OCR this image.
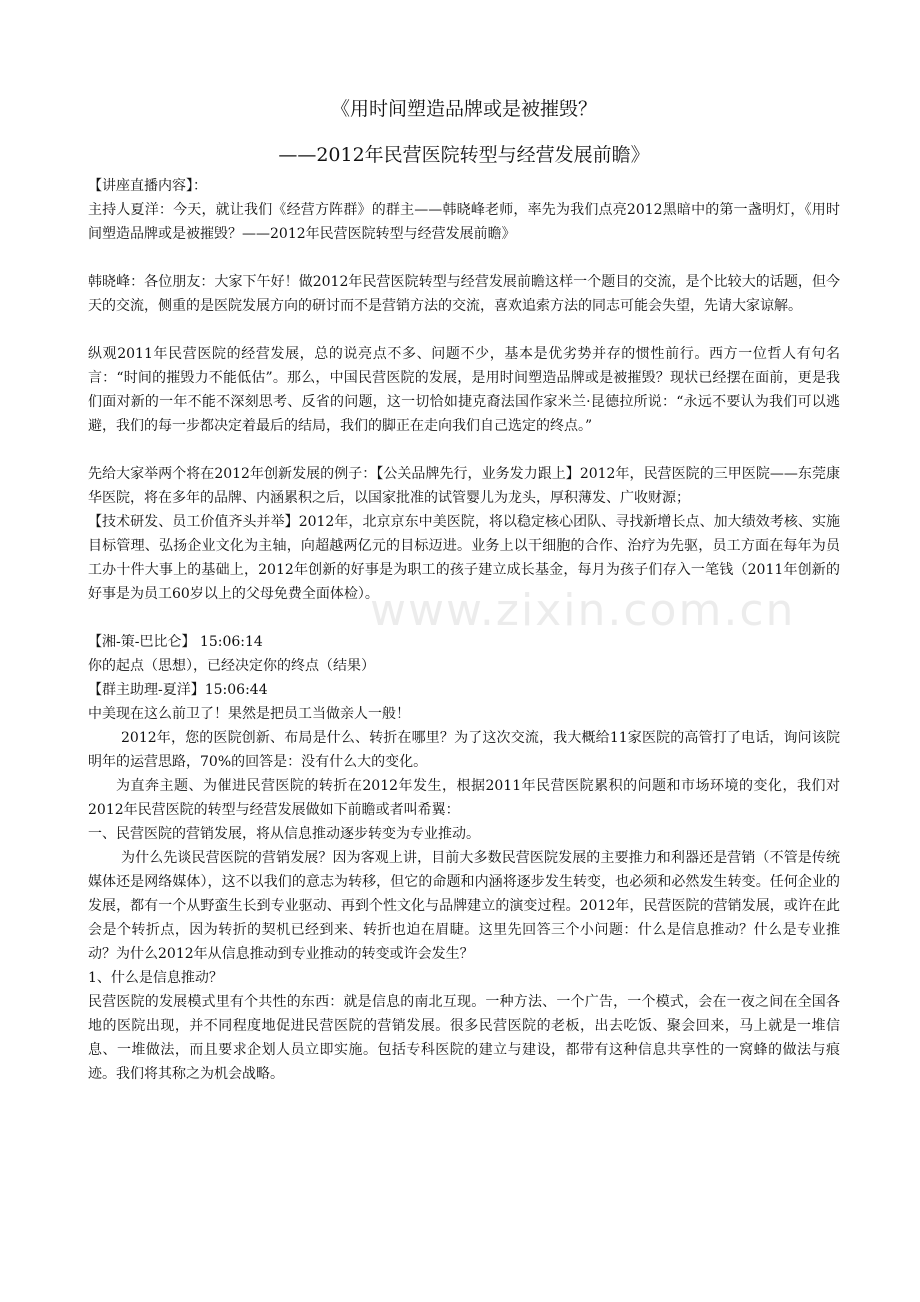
www.zixin.com.cn

《用时间塑造品牌或是被摧毁？

——2012年民营医院转型与经营发展前瞻》

【讲座直播内容】：

主持人夏洋：今天，就让我们《经营方阵群》的群主——韩晓峰老师，率先为我们点亮2012黑暗中的第一盏明灯，《用时间塑造品牌或是被摧毁？——2012年民营医院转型与经营发展前瞻》

韩晓峰：各位朋友：大家下午好！做2012年民营医院转型与经营发展前瞻这样一个题目的交流，是个比较大的话题，但今天的交流，侧重的是医院发展方向的研讨而不是营销方法的交流，喜欢追索方法的同志可能会失望，先请大家谅解。

纵观2011年民营医院的经营发展，总的说亮点不多、问题不少，基本是优劣势并存的惯性前行。西方一位哲人有句名言：“时间的摧毁力不能低估”。那么，中国民营医院的发展，是用时间塑造品牌或是被摧毁？现状已经摆在面前，更是我们面对新的一年不能不深刻思考、反省的问题，这一切恰如捷克裔法国作家米兰·昆德拉所说：“永远不要认为我们可以逃避，我们的每一步都决定着最后的结局，我们的脚正在走向我们自己选定的终点。”

先给大家举两个将在2012年创新发展的例子：【公关品牌先行，业务发力跟上】2012年，民营医院的三甲医院——东莞康华医院，将在多年的品牌、内涵累积之后，以国家批准的试管婴儿为龙头，厚积薄发、广收财源；

【技术研发、员工价值齐头并举】2012年，北京京东中美医院，将以稳定核心团队、寻找新增长点、加大绩效考核、实施目标管理、弘扬企业文化为主轴，向超越两亿元的目标迈进。业务上以干细胞的合作、治疗为先驱，员工方面在每年为员工办十件大事上的基础上，2012年创新的好事是为职工的孩子建立成长基金，每月为孩子们存入一笔钱（2011年创新的好事是为员工60岁以上的父母免费全面体检）。

【湘-策-巴比仑】 15:06:14

你的起点（思想），已经决定你的终点（结果）

【群主助理-夏洋】15:06:44

中美现在这么前卫了！果然是把员工当做亲人一般！

2012年，您的医院创新、布局是什么、转折在哪里？为了这次交流，我大概给11家医院的高管打了电话，询问该院明年的运营思路，70%的回答是：没有什么大的变化。

为直奔主题、为催进民营医院的转折在2012年发生，根据2011年民营医院累积的问题和市场环境的变化，我们对2012年民营医院的转型与经营发展做如下前瞻或者叫希翼：

一、民营医院的营销发展，将从信息推动逐步转变为专业推动。

为什么先谈民营医院的营销发展？因为客观上讲，目前大多数民营医院发展的主要推力和利器还是营销（不管是传统媒体还是网络媒体），这不以我们的意志为转移，但它的命题和内涵将逐步发生转变，也必须和必然发生转变。任何企业的发展，都有一个从野蛮生长到专业驱动、再到个性文化与品牌建立的演变过程。2012年，民营医院的营销发展，或许在此会是个转折点，因为转折的契机已经到来、转折也迫在眉睫。这里先回答三个小问题：什么是信息推动？什么是专业推动？为什么2012年从信息推动到专业推动的转变或许会发生？

1、什么是信息推动？

民营医院的发展模式里有个共性的东西：就是信息的南北互现。一种方法、一个广告，一个模式，会在一夜之间在全国各地的医院出现，并不同程度地促进民营医院的营销发展。很多民营医院的老板，出去吃饭、聚会回来，马上就是一堆信息、一堆做法，而且要求企划人员立即实施。包括专科医院的建立与建设，都带有这种信息共享性的一窝蜂的做法与痕迹。我们将其称之为机会战略。
